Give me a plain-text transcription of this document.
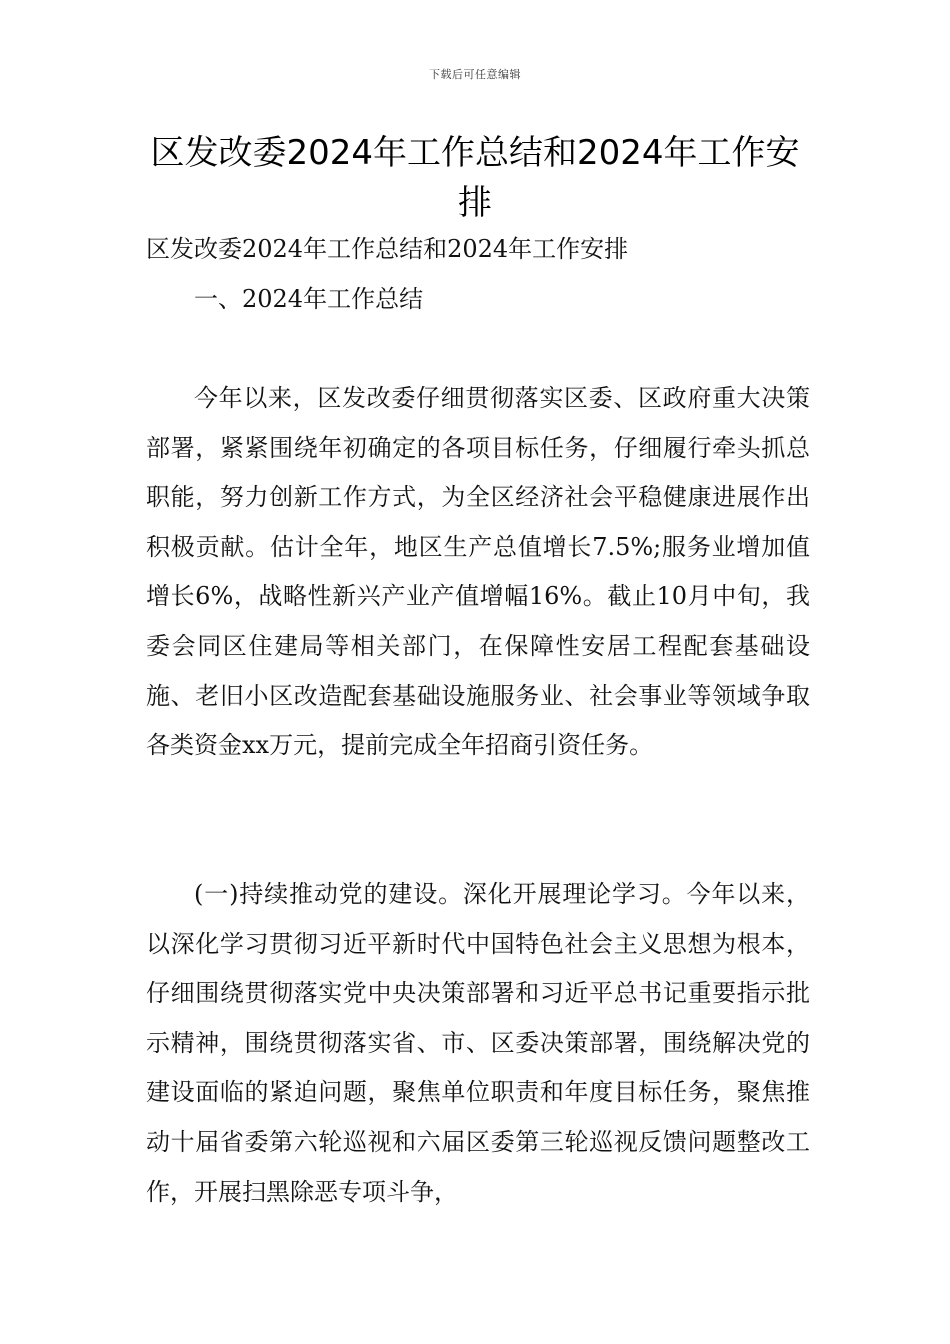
下载后可任意编辑
区发改委2024年工作总结和2024年工作安排
区发改委2024年工作总结和2024年工作安排
一、2024年工作总结

今年以来，区发改委仔细贯彻落实区委、区政府重大决策部署，紧紧围绕年初确定的各项目标任务，仔细履行牵头抓总职能，努力创新工作方式，为全区经济社会平稳健康进展作出积极贡献。估计全年，地区生产总值增长7.5%;服务业增加值增长6%，战略性新兴产业产值增幅16%。截止10月中旬，我委会同区住建局等相关部门，在保障性安居工程配套基础设施、老旧小区改造配套基础设施服务业、社会事业等领域争取各类资金xx万元，提前完成全年招商引资任务。

(一)持续推动党的建设。深化开展理论学习。今年以来，以深化学习贯彻习近平新时代中国特色社会主义思想为根本，仔细围绕贯彻落实党中央决策部署和习近平总书记重要指示批示精神，围绕贯彻落实省、市、区委决策部署，围绕解决党的建设面临的紧迫问题，聚焦单位职责和年度目标任务，聚焦推动十届省委第六轮巡视和六届区委第三轮巡视反馈问题整改工作，开展扫黑除恶专项斗争，
